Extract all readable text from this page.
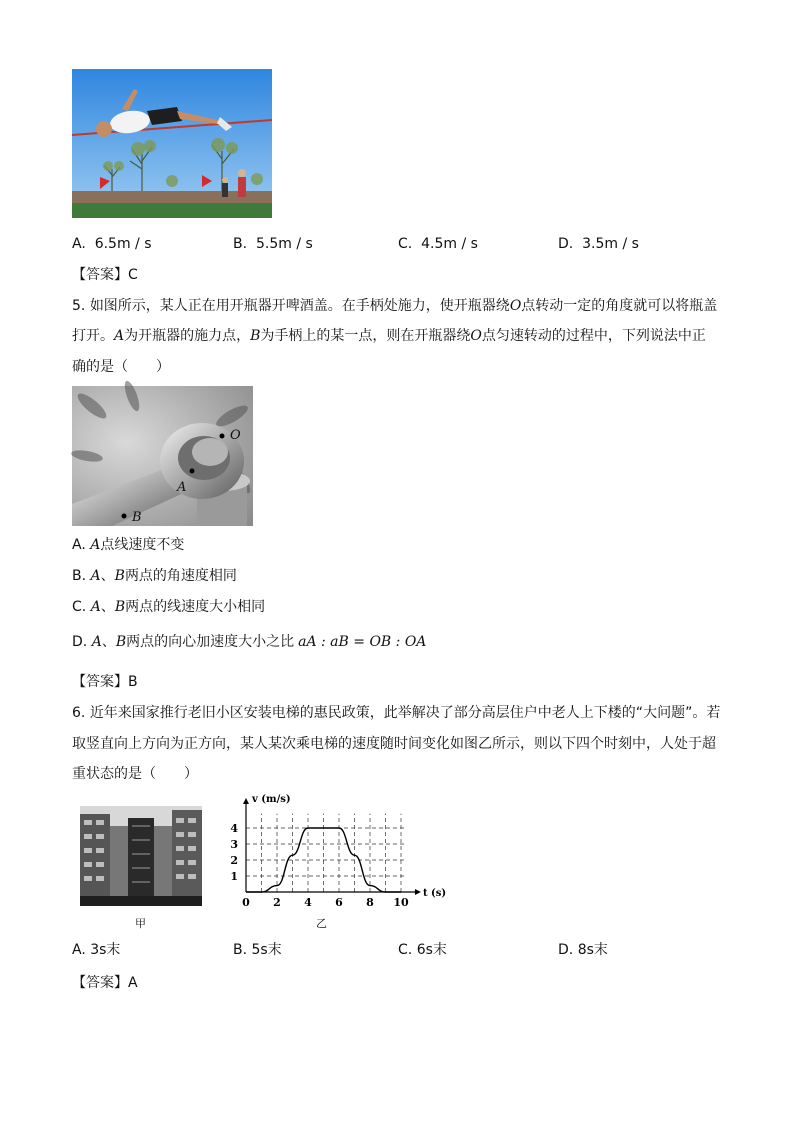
A. 6.5m / s	B. 5.5m / s	C. 4.5m / s	D. 3.5m / s
【答案】C
5. 如图所示，某人正在用开瓶器开啤酒盖。在手柄处施力，使开瓶器绕O点转动一定的角度就可以将瓶盖
打开。A为开瓶器的施力点，B为手柄上的某一点，则在开瓶器绕O点匀速转动的过程中，下列说法中正
确的是（　　）
O
A
B
A. A点线速度不变
B. A、B两点的角速度相同
C. A、B两点的线速度大小相同
D. A、B两点的向心加速度大小之比 aA : aB = OB : OA
【答案】B
6. 近年来国家推行老旧小区安装电梯的惠民政策，此举解决了部分高层住户中老人上下楼的“大问题”。若
取竖直向上方向为正方向，某人某次乘电梯的速度随时间变化如图乙所示，则以下四个时刻中，人处于超
重状态的是（　　）
甲
0 2 4 6 8 10
1
2
3
4
v (m/s)
t (s)
乙
A. 3s末	B. 5s末	C. 6s末	D. 8s末
【答案】A
